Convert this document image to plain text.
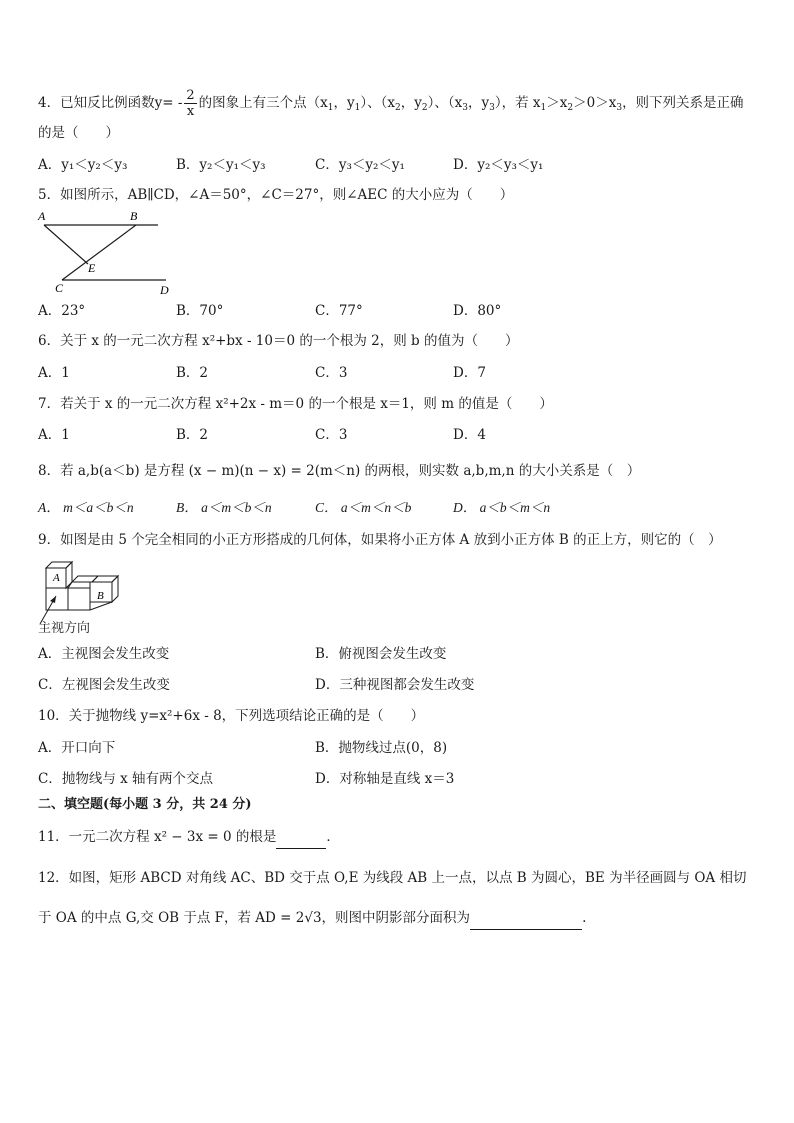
4．已知反比例函数$y= - \frac{2}{x}$ 的图象上有三个点（$x_1$，$y_1$）、（$x_2$，$y_2$）、（$x_3$，$y_3$），若 $x_1>x_2>0>x_3$，则下列关系是正确
的是（　　）
A．y₁＜y₂＜y₃	B．y₂＜y₁＜y₃	C．y₃＜y₂＜y₁	D．y₂＜y₃＜y₁
5．如图所示，AB∥CD，∠A＝50°，∠C＝27°，则∠AEC 的大小应为（　　）
A	B
E
C	D
A．23°	B．70°	C．77°	D．80°
6．关于 x 的一元二次方程 x²+bx - 10＝0 的一个根为 2，则 b 的值为（　　）
A．1	B．2	C．3	D．7
7．若关于 x 的一元二次方程 x²+2x - m＝0 的一个根是 x＝1，则 m 的值是（　　）
A．1	B．2	C．3	D．4
8．若 a,b(a＜b) 是方程 (x − m)(n − x) = 2(m＜n) 的两根，则实数 a,b,m,n 的大小关系是（　）
A． m＜a＜b＜n	B． a＜m＜b＜n	C． a＜m＜n＜b	D． a＜b＜m＜n
9．如图是由 5 个完全相同的小正方形搭成的几何体，如果将小正方体 A 放到小正方体 B 的正上方，则它的（　）
A
B
主视方向
A．主视图会发生改变	B．俯视图会发生改变
C．左视图会发生改变	D．三种视图都会发生改变
10．关于抛物线 y=x²+6x - 8，下列选项结论正确的是（　　）
A．开口向下	B．抛物线过点(0，8)
C．抛物线与 x 轴有两个交点	D．对称轴是直线 x＝3
二、填空题(每小题 3 分，共 24 分)
11．一元二次方程 x² − 3x = 0 的根是	．
12．如图，矩形 ABCD 对角线 AC、BD 交于点 O,E 为线段 AB 上一点，以点 B 为圆心，BE 为半径画圆与 OA 相切
于 OA 的中点 G,交 OB 于点 F，若 AD = 2√3，则图中阴影部分面积为	.
